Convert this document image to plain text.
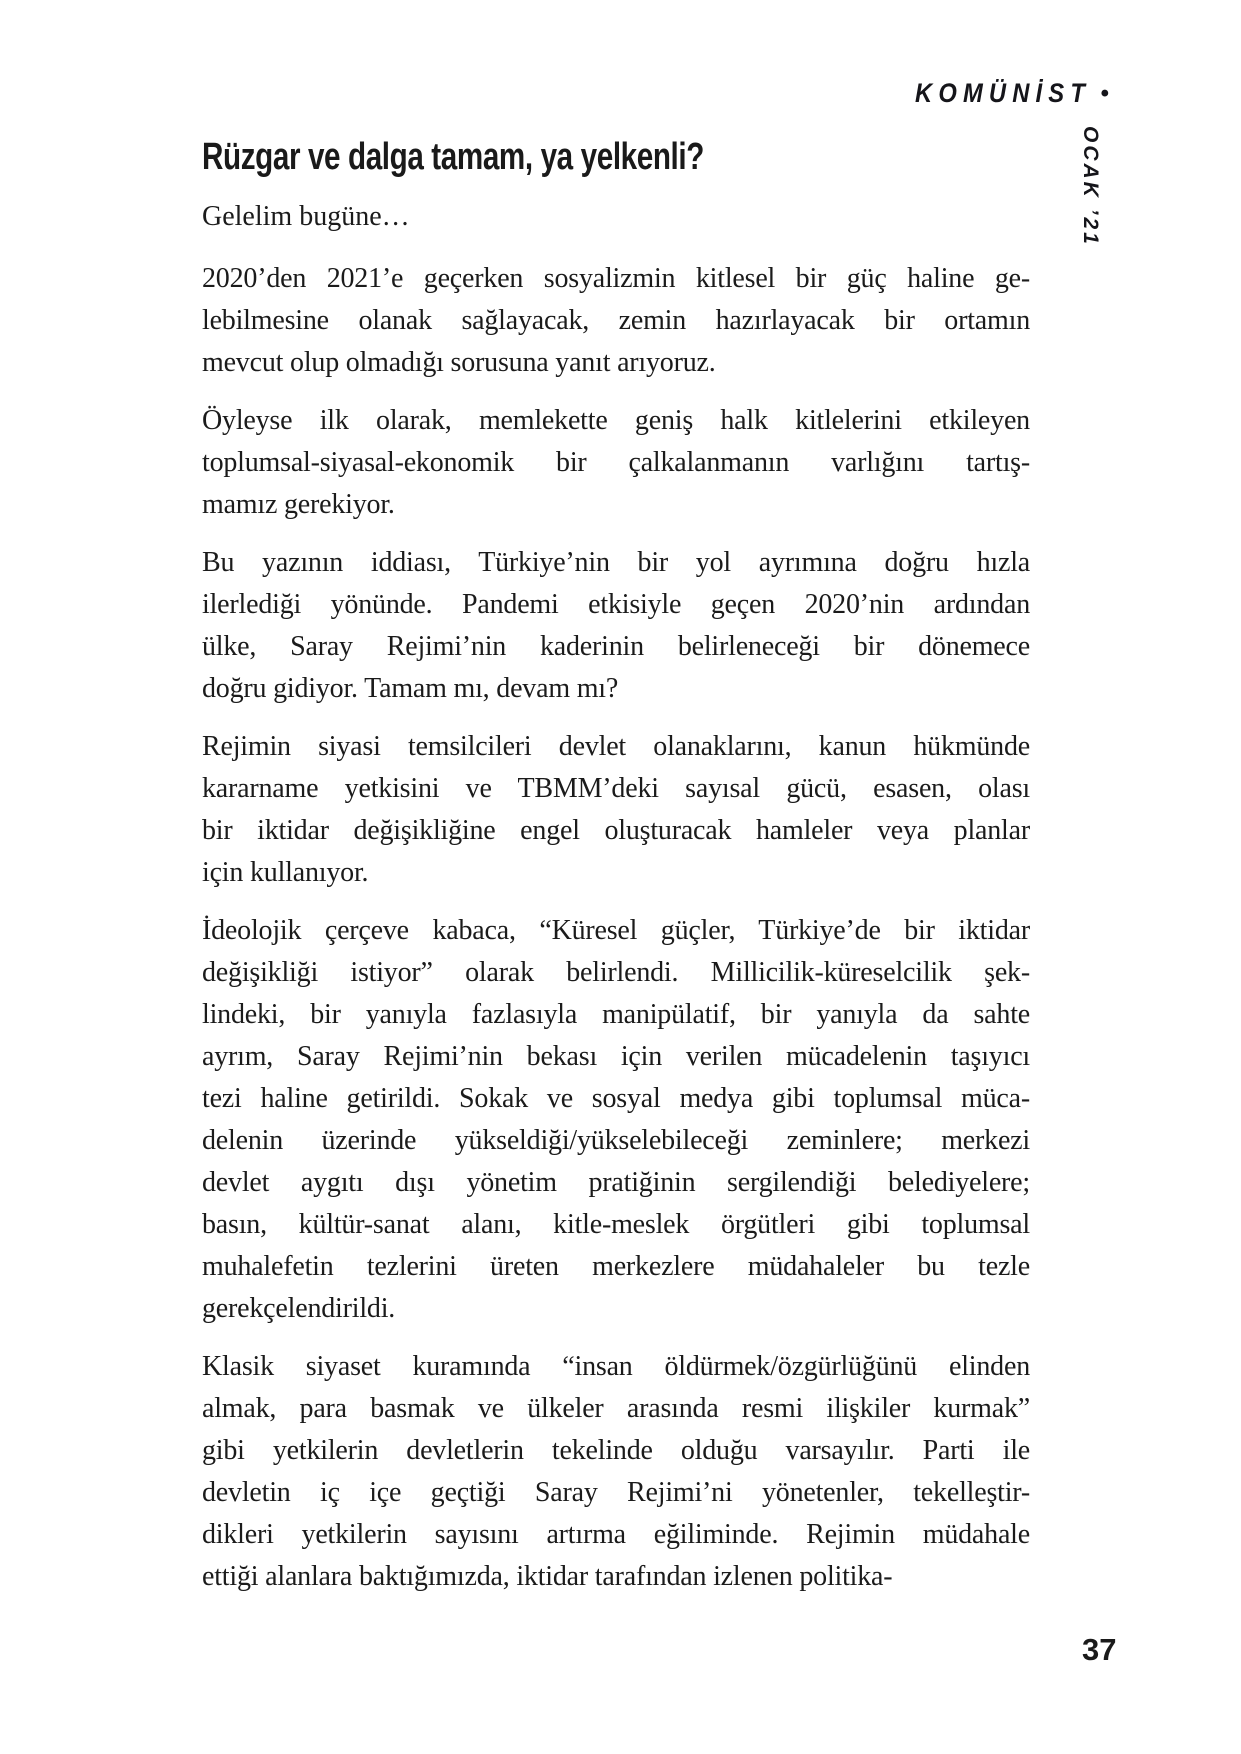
KOMÜNİST •
OCAK ’21
Rüzgar ve dalga tamam, ya yelkenli?

Gelelim bugüne…

2020’den 2021’e geçerken sosyalizmin kitlesel bir güç haline ge-
lebilmesine olanak sağlayacak, zemin hazırlayacak bir ortamın
mevcut olup olmadığı sorusuna yanıt arıyoruz.
Öyleyse ilk olarak, memlekette geniş halk kitlelerini etkileyen
toplumsal-siyasal-ekonomik bir çalkalanmanın varlığını tartış-
mamız gerekiyor.
Bu yazının iddiası, Türkiye’nin bir yol ayrımına doğru hızla
ilerlediği yönünde. Pandemi etkisiyle geçen 2020’nin ardından
ülke, Saray Rejimi’nin kaderinin belirleneceği bir dönemece
doğru gidiyor. Tamam mı, devam mı?
Rejimin siyasi temsilcileri devlet olanaklarını, kanun hükmünde
kararname yetkisini ve TBMM’deki sayısal gücü, esasen, olası
bir iktidar değişikliğine engel oluşturacak hamleler veya planlar
için kullanıyor.
İdeolojik çerçeve kabaca, “Küresel güçler, Türkiye’de bir iktidar
değişikliği istiyor” olarak belirlendi. Millicilik-küreselcilik şek-
lindeki, bir yanıyla fazlasıyla manipülatif, bir yanıyla da sahte
ayrım, Saray Rejimi’nin bekası için verilen mücadelenin taşıyıcı
tezi haline getirildi. Sokak ve sosyal medya gibi toplumsal müca-
delenin üzerinde yükseldiği/yükselebileceği zeminlere; merkezi
devlet aygıtı dışı yönetim pratiğinin sergilendiği belediyelere;
basın, kültür-sanat alanı, kitle-meslek örgütleri gibi toplumsal
muhalefetin tezlerini üreten merkezlere müdahaleler bu tezle
gerekçelendirildi.
Klasik siyaset kuramında “insan öldürmek/özgürlüğünü elinden
almak, para basmak ve ülkeler arasında resmi ilişkiler kurmak”
gibi yetkilerin devletlerin tekelinde olduğu varsayılır. Parti ile
devletin iç içe geçtiği Saray Rejimi’ni yönetenler, tekelleştir-
dikleri yetkilerin sayısını artırma eğiliminde. Rejimin müdahale
ettiği alanlara baktığımızda, iktidar tarafından izlenen politika-
37
